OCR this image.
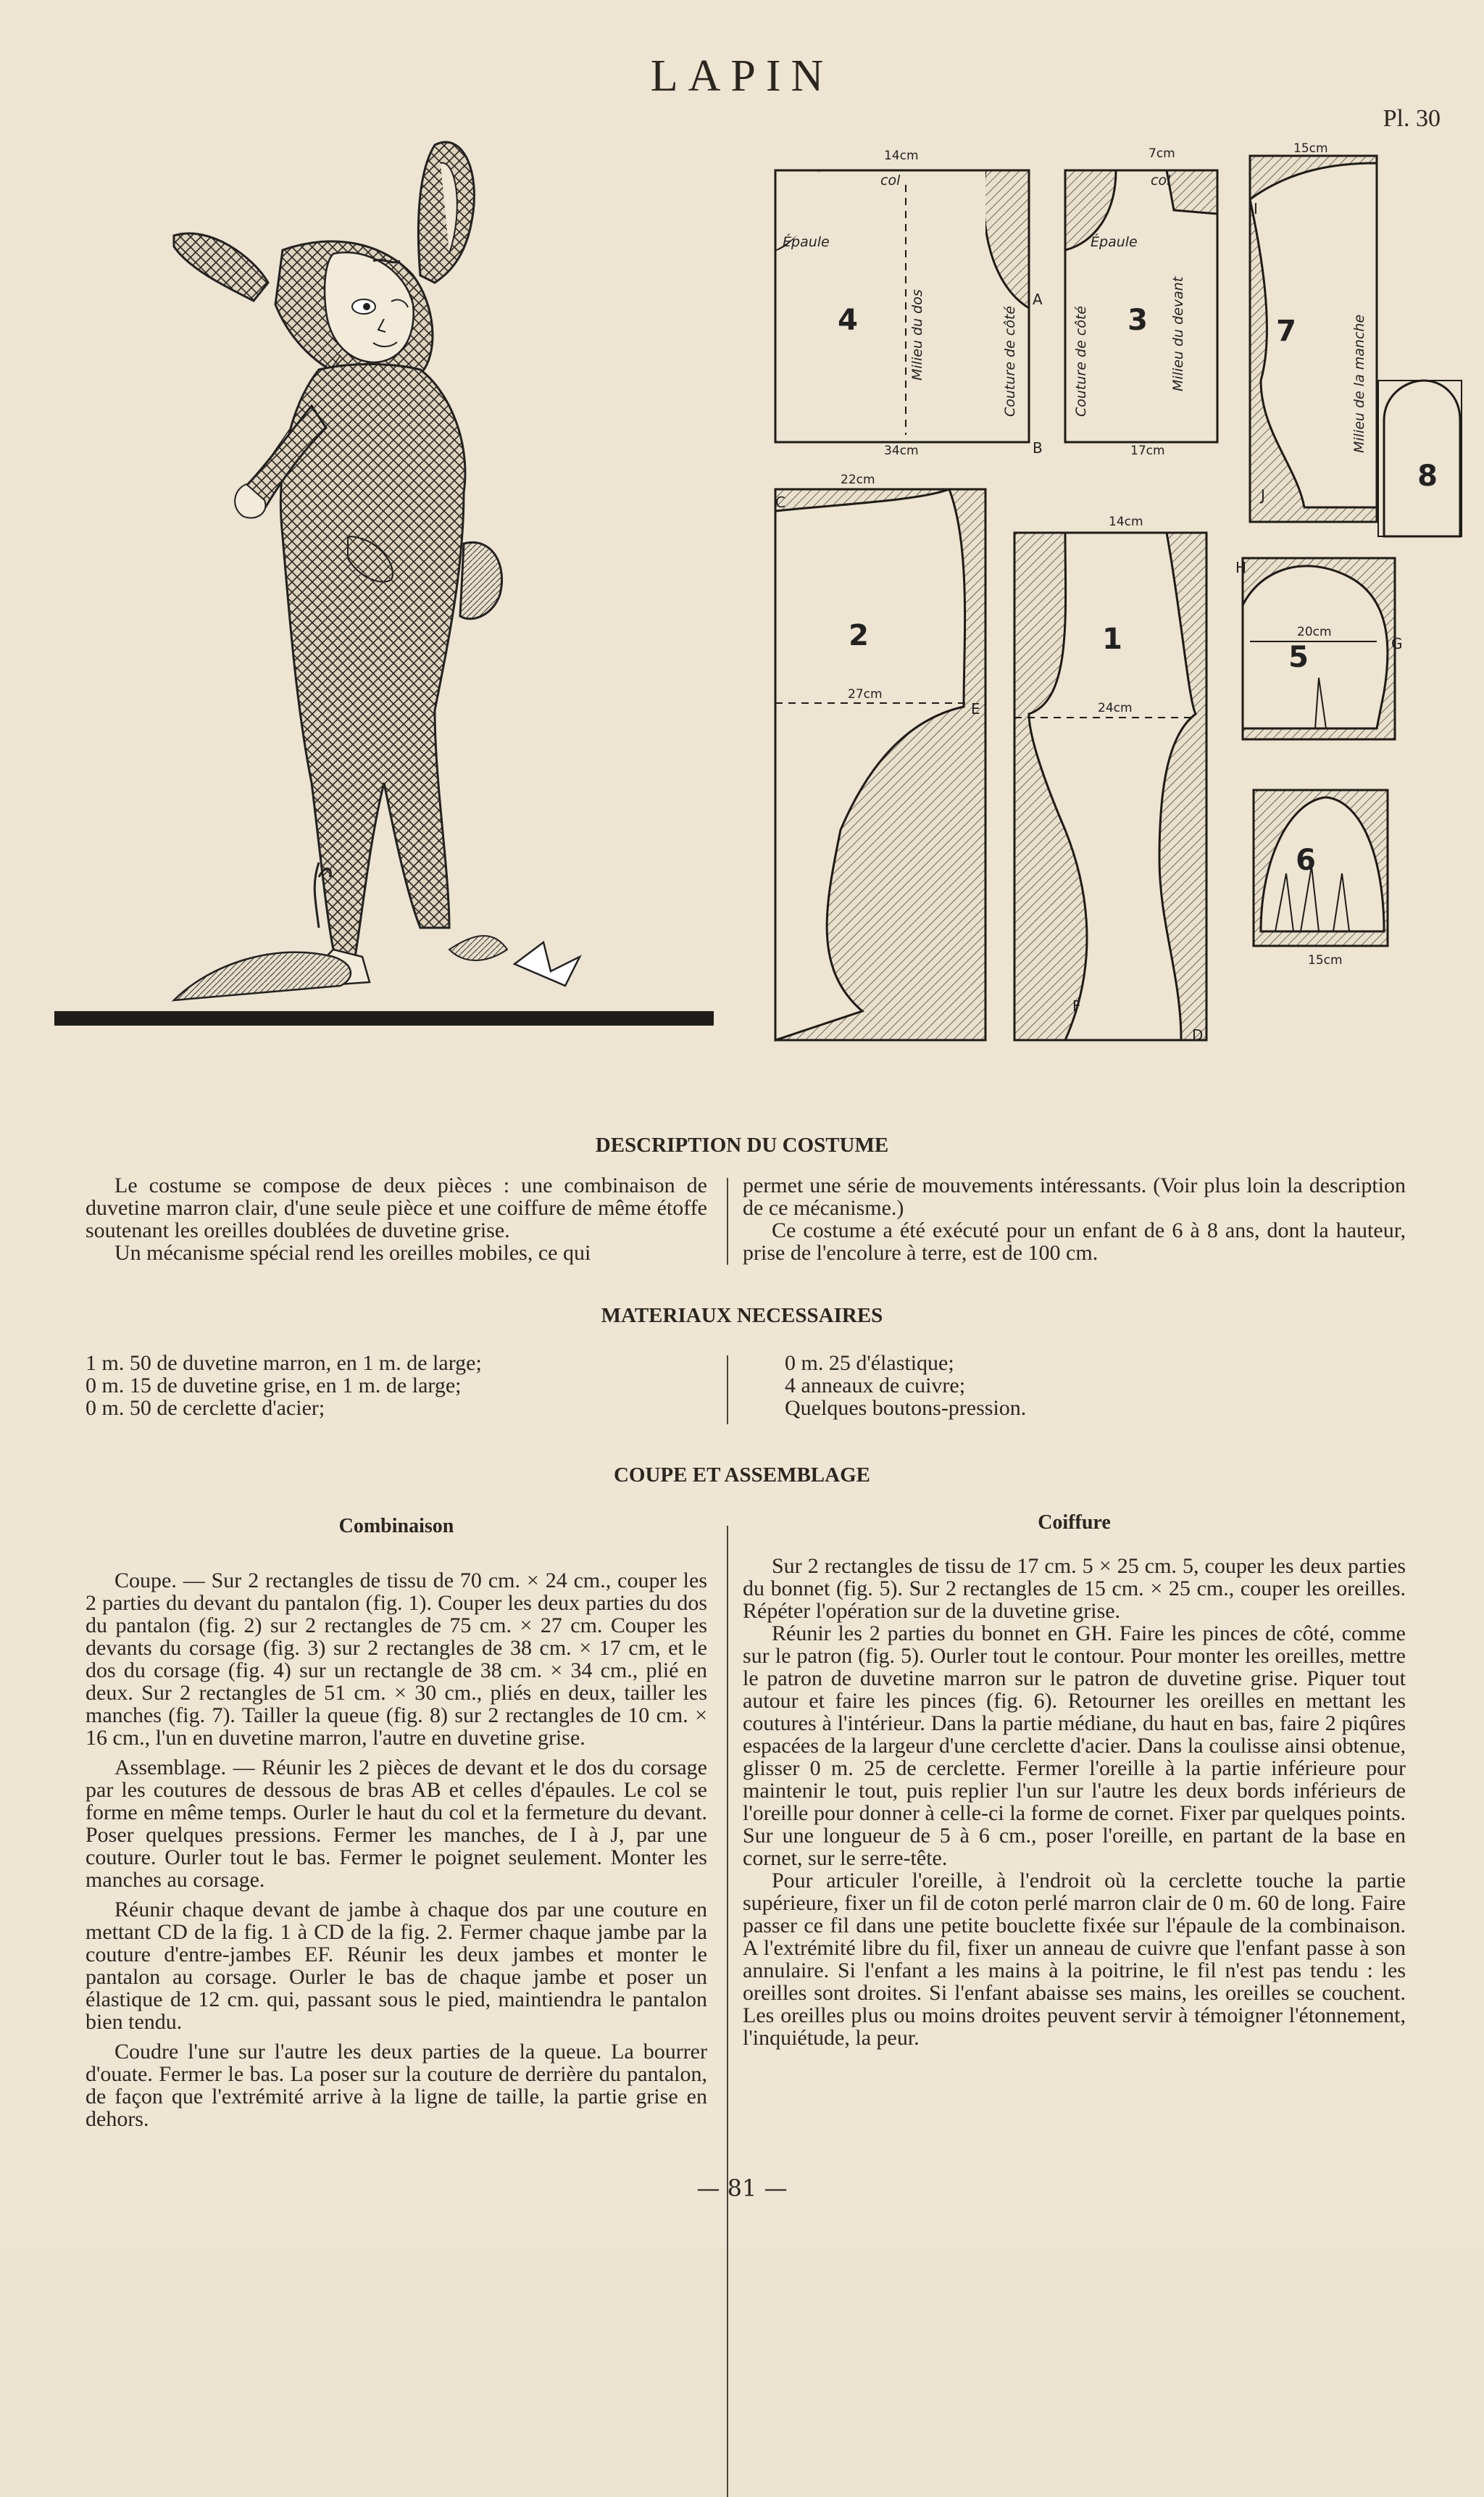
LAPIN
Pl. 30
4	3	7
8
2	1
5
6
Épaule	Épaule
col	col
Milieu du dos	Couture de côté	Couture de côté	Milieu du devant	Milieu de la manche
14cm
34cm
7cm
17cm
15cm
22cm
27cm
14cm
24cm
20cm
15cm
A
B
C
D
E
F
G
H
I
J
DESCRIPTION DU COSTUME

Le costume se compose de deux pièces : une combinaison de duvetine marron clair, d'une seule pièce et une coiffure de même étoffe soutenant les oreilles doublées de duvetine grise.

Un mécanisme spécial rend les oreilles mobiles, ce qui

permet une série de mouvements intéressants. (Voir plus loin la description de ce mécanisme.)

Ce costume a été exécuté pour un enfant de 6 à 8 ans, dont la hauteur, prise de l'encolure à terre, est de 100 cm.

MATERIAUX NECESSAIRES

1 m. 50 de duvetine marron, en 1 m. de large;

0 m. 15 de duvetine grise, en 1 m. de large;

0 m. 50 de cerclette d'acier;

0 m. 25 d'élastique;

4 anneaux de cuivre;

Quelques boutons-pression.

COUPE ET ASSEMBLAGE
Combinaison	Coiffure

Coupe. — Sur 2 rectangles de tissu de 70 cm. × 24 cm., couper les 2 parties du devant du pantalon (fig. 1). Couper les deux parties du dos du pantalon (fig. 2) sur 2 rectangles de 75 cm. × 27 cm. Couper les devants du corsage (fig. 3) sur 2 rectangles de 38 cm. × 17 cm, et le dos du corsage (fig. 4) sur un rectangle de 38 cm. × 34 cm., plié en deux. Sur 2 rectangles de 51 cm. × 30 cm., pliés en deux, tailler les manches (fig. 7). Tailler la queue (fig. 8) sur 2 rectangles de 10 cm. × 16 cm., l'un en duvetine marron, l'autre en duvetine grise.

Assemblage. — Réunir les 2 pièces de devant et le dos du corsage par les coutures de dessous de bras AB et celles d'épaules. Le col se forme en même temps. Ourler le haut du col et la fermeture du devant. Poser quelques pressions. Fermer les manches, de I à J, par une couture. Ourler tout le bas. Fermer le poignet seulement. Monter les manches au corsage.

Réunir chaque devant de jambe à chaque dos par une couture en mettant CD de la fig. 1 à CD de la fig. 2. Fermer chaque jambe par la couture d'entre-jambes EF. Réunir les deux jambes et monter le pantalon au corsage. Ourler le bas de chaque jambe et poser un élastique de 12 cm. qui, passant sous le pied, maintiendra le pantalon bien tendu.

Coudre l'une sur l'autre les deux parties de la queue. La bourrer d'ouate. Fermer le bas. La poser sur la couture de derrière du pantalon, de façon que l'extrémité arrive à la ligne de taille, la partie grise en dehors.

Sur 2 rectangles de tissu de 17 cm. 5 × 25 cm. 5, couper les deux parties du bonnet (fig. 5). Sur 2 rectangles de 15 cm. × 25 cm., couper les oreilles. Répéter l'opération sur de la duvetine grise.

Réunir les 2 parties du bonnet en GH. Faire les pinces de côté, comme sur le patron (fig. 5). Ourler tout le contour. Pour monter les oreilles, mettre le patron de duvetine marron sur le patron de duvetine grise. Piquer tout autour et faire les pinces (fig. 6). Retourner les oreilles en mettant les coutures à l'intérieur. Dans la partie médiane, du haut en bas, faire 2 piqûres espacées de la largeur d'une cerclette d'acier. Dans la coulisse ainsi obtenue, glisser 0 m. 25 de cerclette. Fermer l'oreille à la partie inférieure pour maintenir le tout, puis replier l'un sur l'autre les deux bords inférieurs de l'oreille pour donner à celle-ci la forme de cornet. Fixer par quelques points. Sur une longueur de 5 à 6 cm., poser l'oreille, en partant de la base en cornet, sur le serre-tête.

Pour articuler l'oreille, à l'endroit où la cerclette touche la partie supérieure, fixer un fil de coton perlé marron clair de 0 m. 60 de long. Faire passer ce fil dans une petite bouclette fixée sur l'épaule de la combinaison. A l'extrémité libre du fil, fixer un anneau de cuivre que l'enfant passe à son annulaire. Si l'enfant a les mains à la poitrine, le fil n'est pas tendu : les oreilles sont droites. Si l'enfant abaisse ses mains, les oreilles se couchent. Les oreilles plus ou moins droites peuvent servir à témoigner l'étonnement, l'inquiétude, la peur.

— 81 —
